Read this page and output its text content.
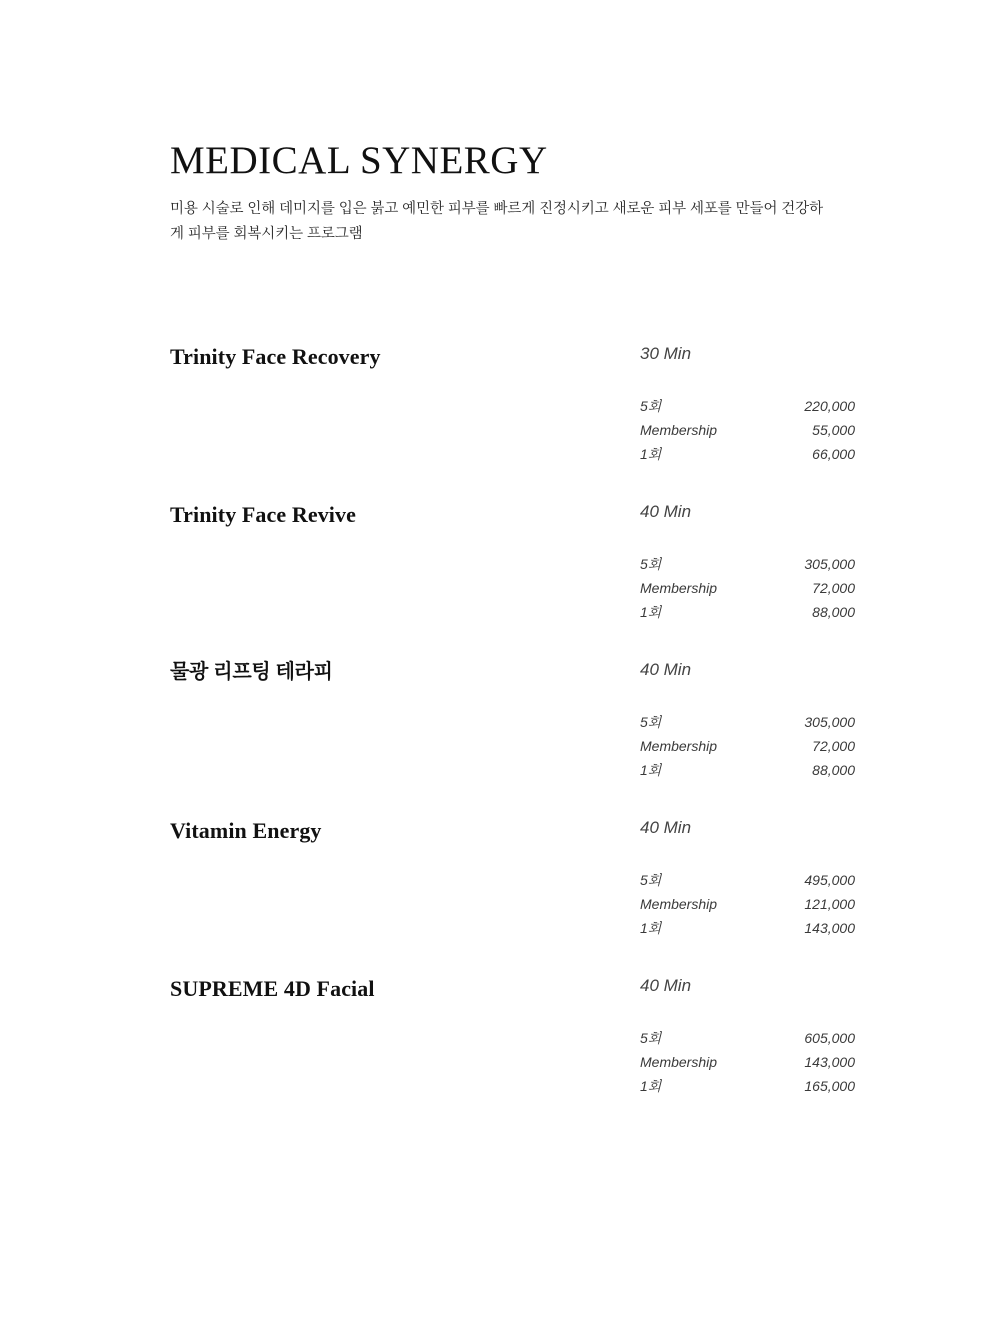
MEDICAL SYNERGY

미용 시술로 인해 데미지를 입은 붉고 예민한 피부를 빠르게 진정시키고 새로운 피부 세포를 만들어 건강하게 피부를 회복시키는 프로그램

Trinity Face Recovery	30 Min
5회	220,000
Membership	55,000
1회	66,000
Trinity Face Revive	40 Min
5회	305,000
Membership	72,000
1회	88,000
물광 리프팅 테라피	40 Min
5회	305,000
Membership	72,000
1회	88,000
Vitamin Energy	40 Min
5회	495,000
Membership	121,000
1회	143,000
SUPREME 4D Facial	40 Min
5회	605,000
Membership	143,000
1회	165,000
